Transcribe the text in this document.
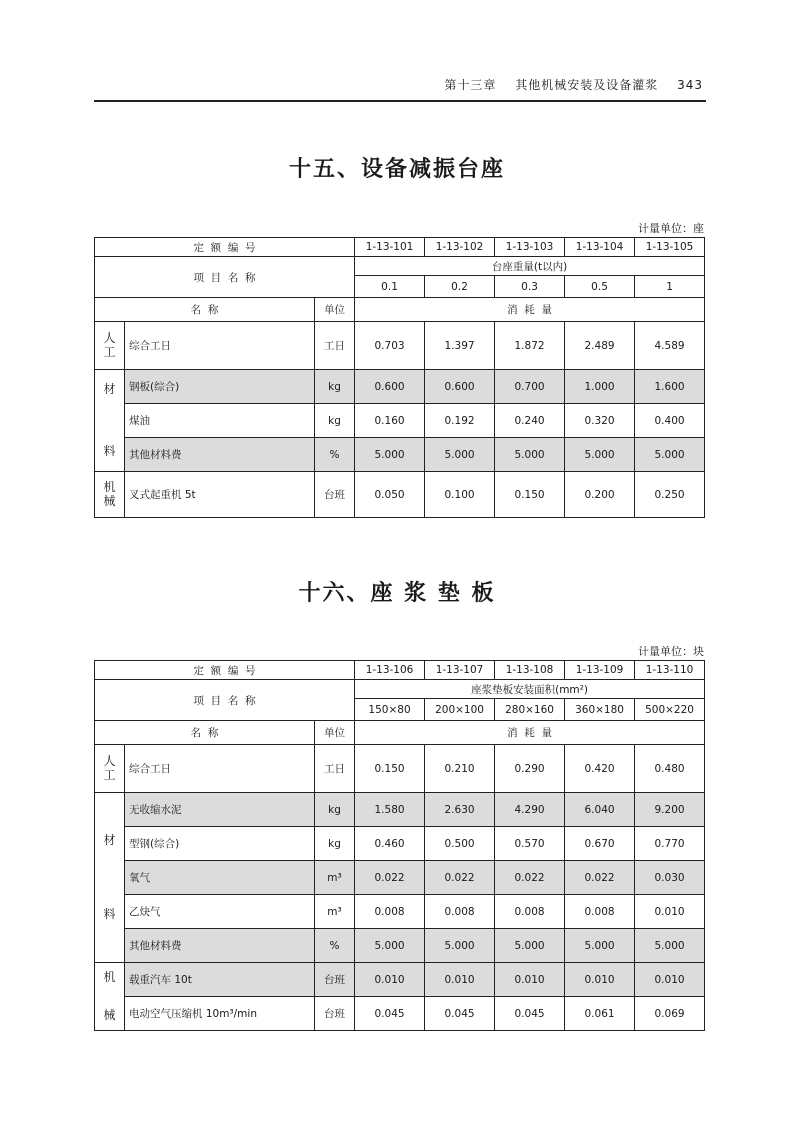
第十三章 其他机械安装及设备灌浆 343
十五、设备减振台座
计量单位：座
定  额  编  号			1-13-101	1-13-102	1-13-103	1-13-104	1-13-105
项  目  名  称			台座重量(t以内)				
			0.1	0.2	0.3	0.5	1
名  称		单位	消  耗  量				

人
工	综合工日	工日	0.703	1.397	1.872	2.489	4.589

材
料	钢板(综合)	kg	0.600	0.600	0.700	1.000	1.600
	煤油	kg	0.160	0.192	0.240	0.320	0.400
	其他材料费	%	5.000	5.000	5.000	5.000	5.000

机
械	叉式起重机 5t	台班	0.050	0.100	0.150	0.200	0.250
十六、座 浆 垫 板
计量单位：块
定  额  编  号			1-13-106	1-13-107	1-13-108	1-13-109	1-13-110
项  目  名  称			座浆垫板安装面积(mm²)				
			150×80	200×100	280×160	360×180	500×220
名  称		单位	消  耗  量				

人
工	综合工日	工日	0.150	0.210	0.290	0.420	0.480

材
料	无收缩水泥	kg	1.580	2.630	4.290	6.040	9.200
	型钢(综合)	kg	0.460	0.500	0.570	0.670	0.770
	氧气	m³	0.022	0.022	0.022	0.022	0.030
	乙炔气	m³	0.008	0.008	0.008	0.008	0.010
	其他材料费	%	5.000	5.000	5.000	5.000	5.000

机
械	载重汽车 10t	台班	0.010	0.010	0.010	0.010	0.010
	电动空气压缩机 10m³/min	台班	0.045	0.045	0.045	0.061	0.069
